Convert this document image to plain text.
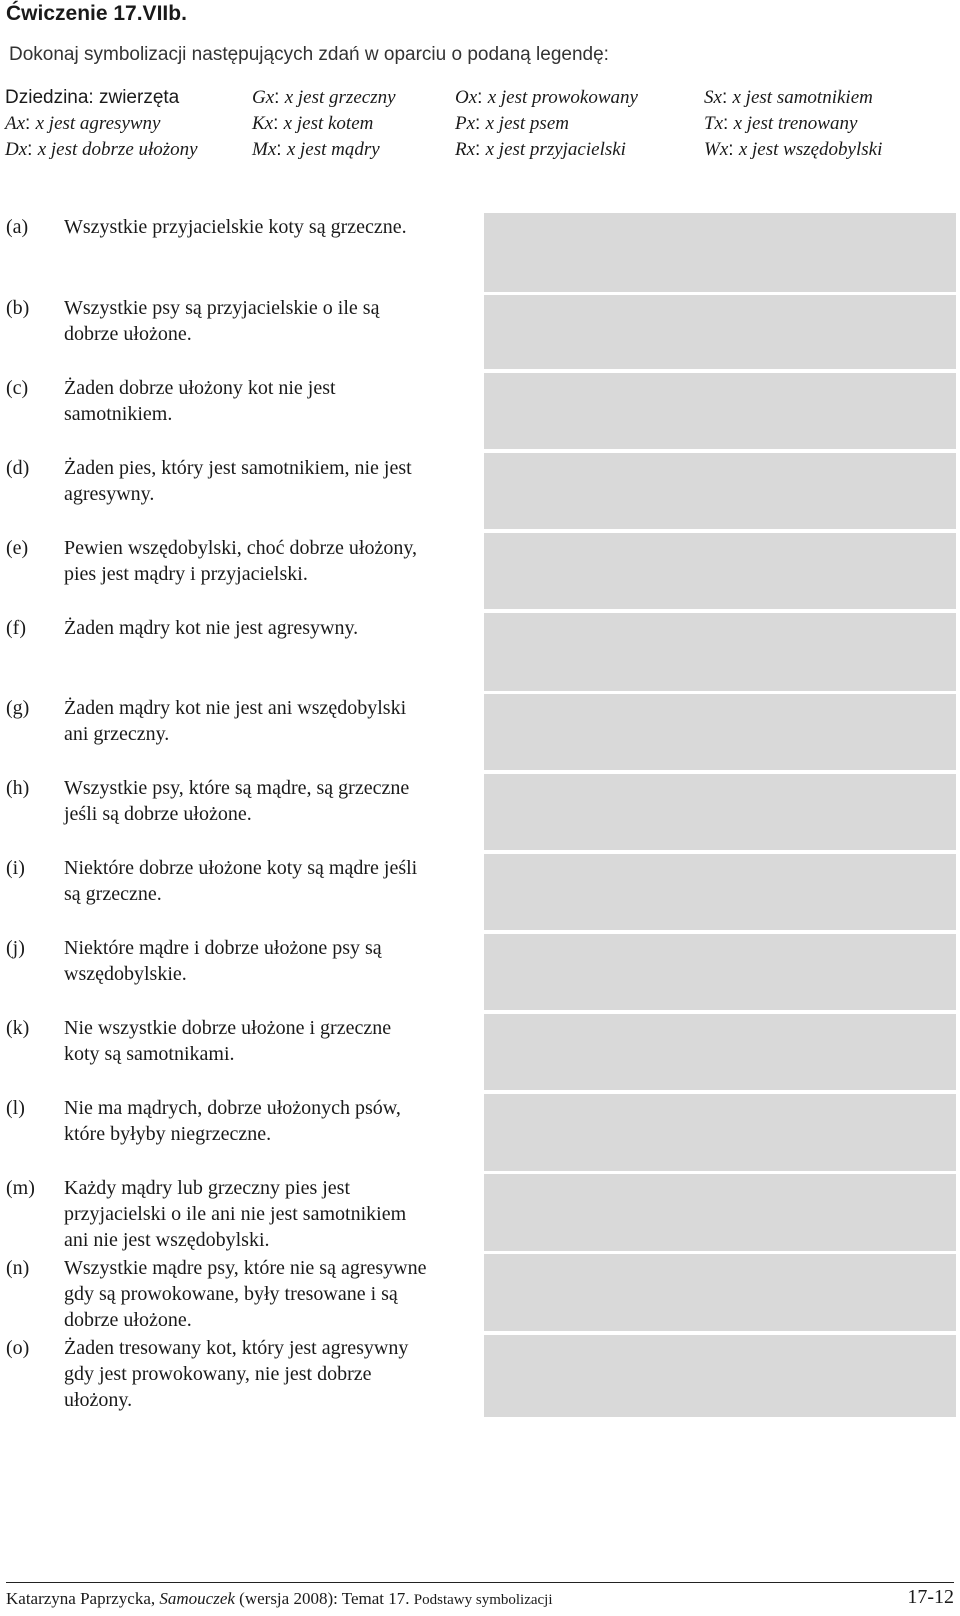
Ćwiczenie 17.VIIb.
Dokonaj symbolizacji następujących zdań w oparciu o podaną legendę:
Dziedzina: zwierzęta	Gx: x jest grzeczny	Ox: x jest prowokowany	Sx: x jest samotnikiem
Ax: x jest agresywny	Kx: x jest kotem	Px: x jest psem	Tx: x jest trenowany
Dx: x jest dobrze ułożony	Mx: x jest mądry	Rx: x jest przyjacielski	Wx: x jest wszędobylski
(a)	Wszystkie przyjacielskie koty są grzeczne.
(b)	Wszystkie psy są przyjacielskie o ile są
dobrze ułożone.
(c)	Żaden dobrze ułożony kot nie jest
samotnikiem.
(d)	Żaden pies, który jest samotnikiem, nie jest
agresywny.
(e)	Pewien wszędobylski, choć dobrze ułożony,
pies jest mądry i przyjacielski.
(f)	Żaden mądry kot nie jest agresywny.
(g)	Żaden mądry kot nie jest ani wszędobylski
ani grzeczny.
(h)	Wszystkie psy, które są mądre, są grzeczne
jeśli są dobrze ułożone.
(i)	Niektóre dobrze ułożone koty są mądre jeśli
są grzeczne.
(j)	Niektóre mądre i dobrze ułożone psy są
wszędobylskie.
(k)	Nie wszystkie dobrze ułożone i grzeczne
koty są samotnikami.
(l)	Nie ma mądrych, dobrze ułożonych psów,
które byłyby niegrzeczne.
(m)	Każdy mądry lub grzeczny pies jest
przyjacielski o ile ani nie jest samotnikiem
ani nie jest wszędobylski.
(n)	Wszystkie mądre psy, które nie są agresywne
gdy są prowokowane, były tresowane i są
dobrze ułożone.
(o)	Żaden tresowany kot, który jest agresywny
gdy jest prowokowany, nie jest dobrze
ułożony.
Katarzyna Paprzycka, Samouczek (wersja 2008): Temat 17. Podstawy symbolizacji	17-12
